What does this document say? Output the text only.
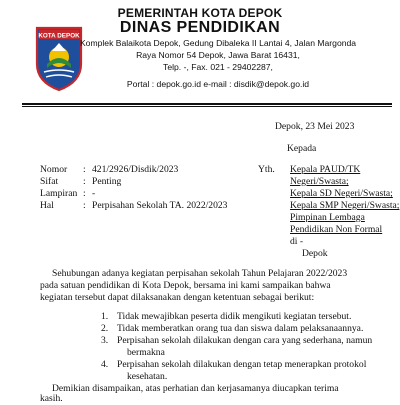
KOTA DEPOK
PEMERINTAH KOTA DEPOK
DINAS PENDIDIKAN
Komplek Balaikota Depok, Gedung Dibaleka II Lantai 4, Jalan Margonda
Raya Nomor 54 Depok, Jawa Barat 16431,
Telp. -, Fax. 021 - 29402287,
Portal : depok.go.id e-mail : disdik@depok.go.id
Depok, 23 Mei 2023
Kepada
Nomor : 421/2926/Disdik/2023
Sifat	: Penting
Lampiran : -
Hal	: Perpisahan Sekolah TA. 2022/2023
Yth. Kepala PAUD/TK
Negeri/Swasta;
Kepala SD Negeri/Swasta;
Kepala SMP Negeri/Swasta;
Pimpinan Lembaga
Pendidikan Non Formal
di -
Depok
Sehubungan adanya kegiatan perpisahan sekolah Tahun Pelajaran 2022/2023
pada satuan pendidikan di Kota Depok, bersama ini kami sampaikan bahwa
kegiatan tersebut dapat dilaksanakan dengan ketentuan sebagai berikut:
1. Tidak mewajibkan peserta didik mengikuti kegiatan tersebut.
2. Tidak memberatkan orang tua dan siswa dalam pelaksanaannya.
3. Perpisahan sekolah dilakukan dengan cara yang sederhana, namun
bermakna
4. Perpisahan sekolah dilakukan dengan tetap menerapkan protokol
kesehatan.
Demikian disampaikan, atas perhatian dan kerjasamanya diucapkan terima
kasih.
